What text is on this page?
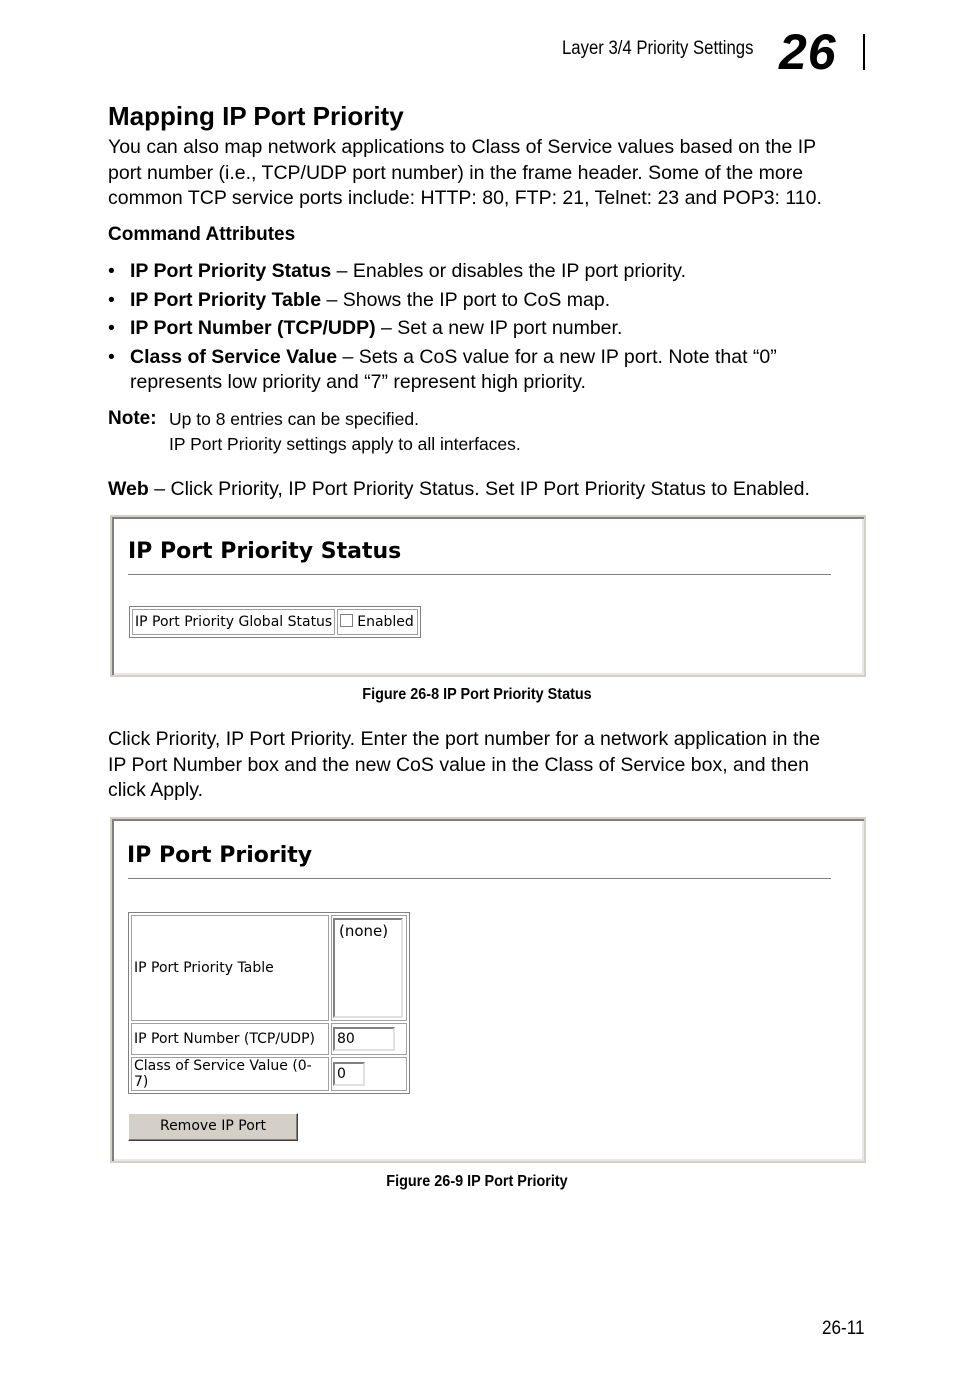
Layer 3/4 Priority Settings 26
Mapping IP Port Priority
You can also map network applications to Class of Service values based on the IP
port number (i.e., TCP/UDP port number) in the frame header. Some of the more
common TCP service ports include: HTTP: 80, FTP: 21, Telnet: 23 and POP3: 110.
Command Attributes
• IP Port Priority Status – Enables or disables the IP port priority.
• IP Port Priority Table – Shows the IP port to CoS map.
• IP Port Number (TCP/UDP) – Set a new IP port number.
• Class of Service Value – Sets a CoS value for a new IP port. Note that “0” represents low priority and “7” represent high priority.
Note: Up to 8 entries can be specified.
IP Port Priority settings apply to all interfaces.
Web – Click Priority, IP Port Priority Status. Set IP Port Priority Status to Enabled.
IP Port Priority Status
IP Port Priority Global Status	Enabled
Figure 26-8 IP Port Priority Status
Click Priority, IP Port Priority. Enter the port number for a network application in the
IP Port Number box and the new CoS value in the Class of Service box, and then
click Apply.
IP Port Priority
IP Port Priority Table	(none)

IP Port Number (TCP/UDP)	80

Class of Service Value (0-7)	0
Remove IP Port
Figure 26-9 IP Port Priority
26-11
